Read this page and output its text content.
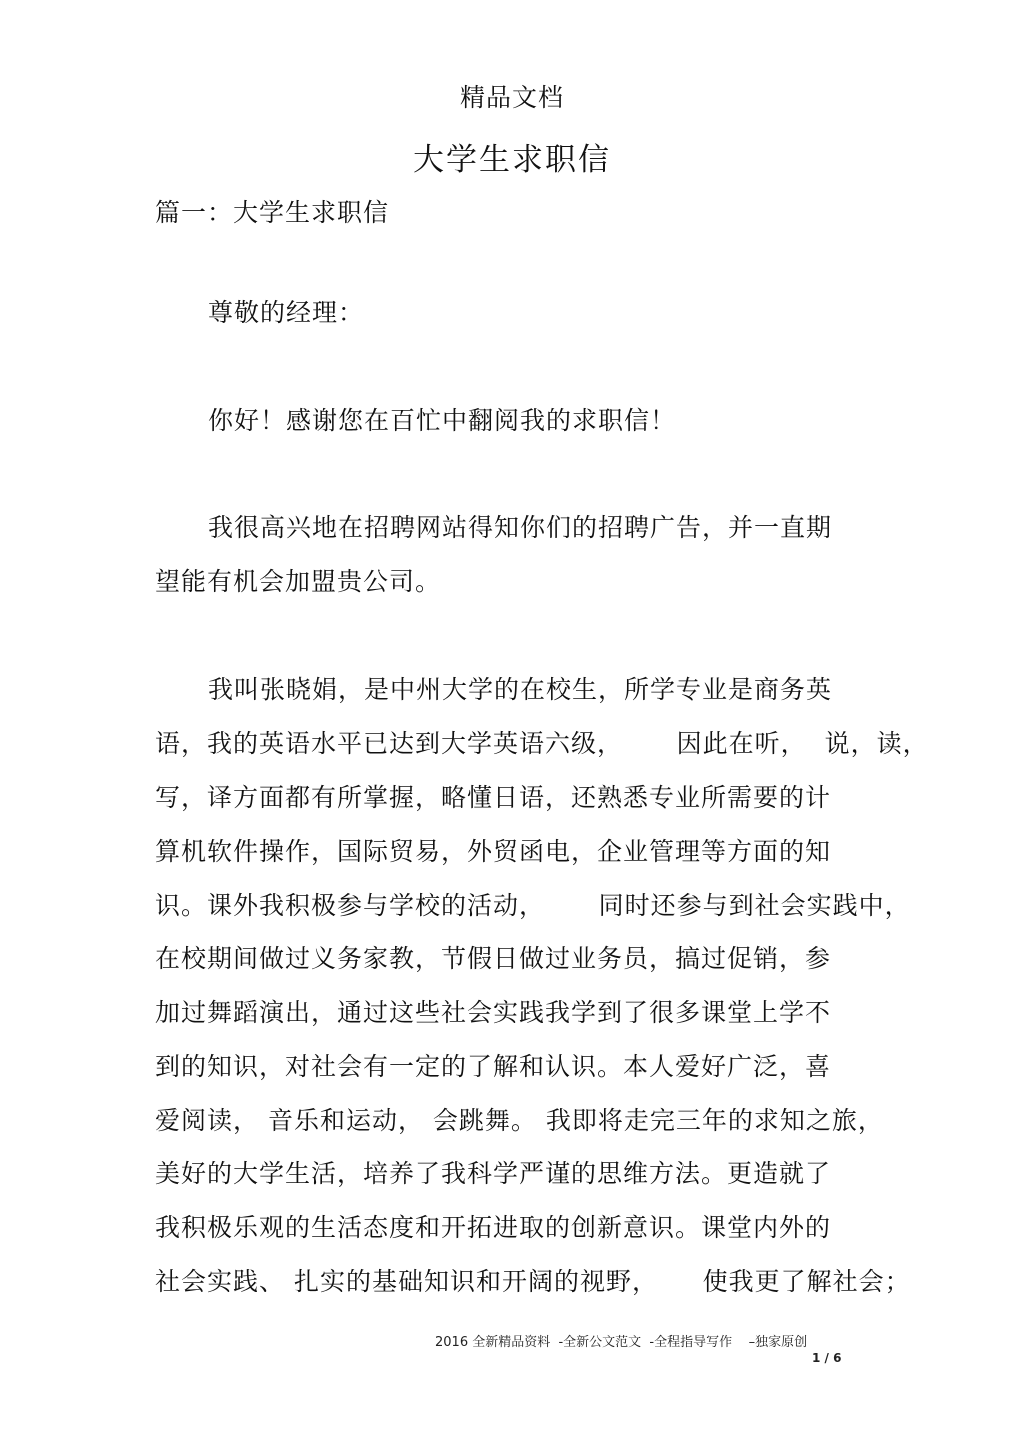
精品文档
大学生求职信
篇一：大学生求职信
尊敬的经理：
你好！感谢您在百忙中翻阅我的求职信！
我很高兴地在招聘网站得知你们的招聘广告，并一直期
望能有机会加盟贵公司。
我叫张晓娟，是中州大学的在校生，所学专业是商务英
语，我的英语水平已达到大学英语六级，      因此在听，  说，读，
写，译方面都有所掌握，略懂日语，还熟悉专业所需要的计
算机软件操作，国际贸易，外贸函电，企业管理等方面的知
识。课外我积极参与学校的活动，      同时还参与到社会实践中，
在校期间做过义务家教，节假日做过业务员，搞过促销，参
加过舞蹈演出，通过这些社会实践我学到了很多课堂上学不
到的知识，对社会有一定的了解和认识。本人爱好广泛，喜
爱阅读， 音乐和运动， 会跳舞。 我即将走完三年的求知之旅，
美好的大学生活，培养了我科学严谨的思维方法。更造就了
我积极乐观的生活态度和开拓进取的创新意识。课堂内外的
社会实践、 扎实的基础知识和开阔的视野，     使我更了解社会；
2016 全新精品资料  -全新公文范文  -全程指导写作    –独家原创
1 / 6
